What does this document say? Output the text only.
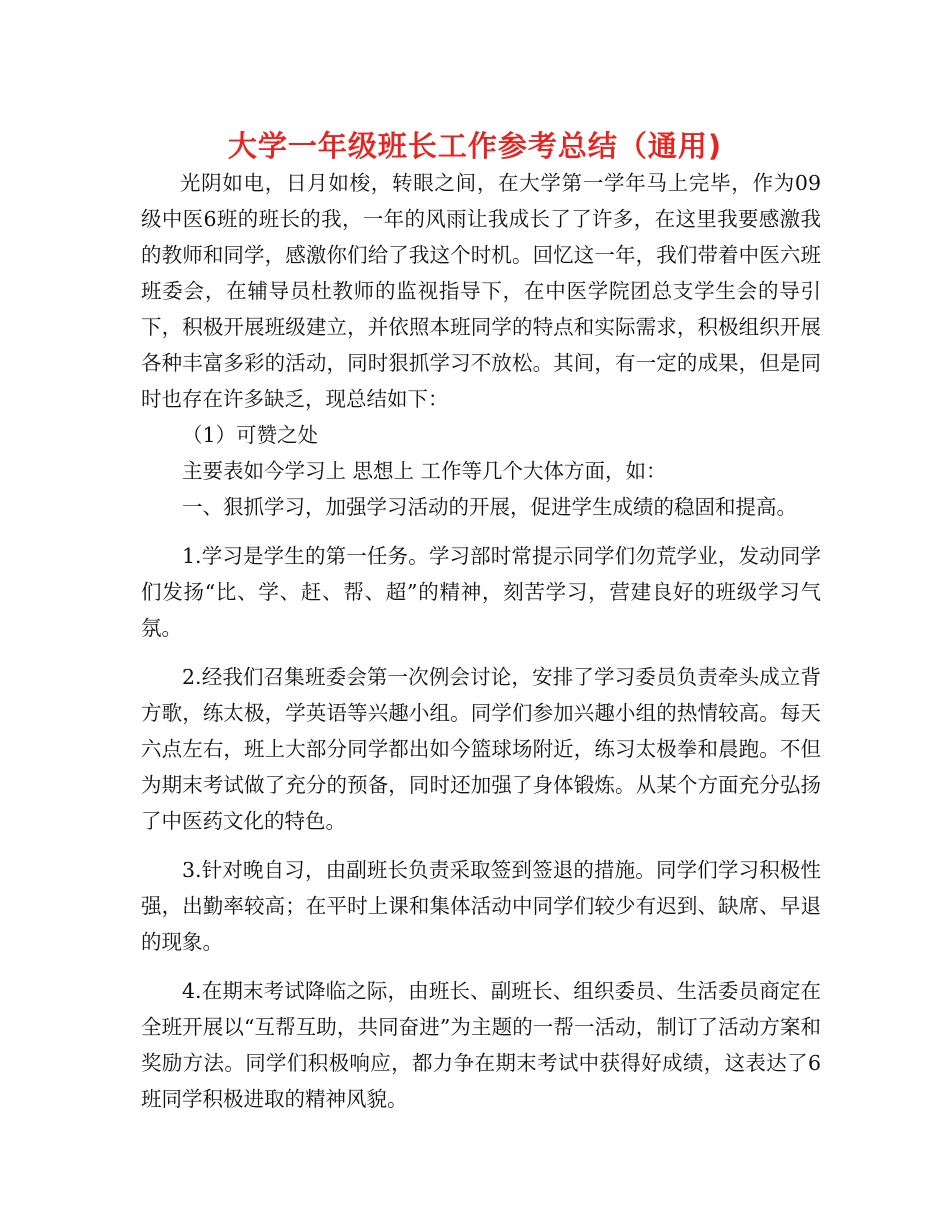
大学一年级班长工作参考总结（通用)

光阴如电，日月如梭，转眼之间，在大学第一学年马上完毕，作为09级中医6班的班长的我，一年的风雨让我成长了了许多，在这里我要感激我的教师和同学，感激你们给了我这个时机。回忆这一年，我们带着中医六班班委会，在辅导员杜教师的监视指导下，在中医学院团总支学生会的导引下，积极开展班级建立，并依照本班同学的特点和实际需求，积极组织开展各种丰富多彩的活动，同时狠抓学习不放松。其间，有一定的成果，但是同时也存在许多缺乏，现总结如下：

（1）可赞之处

主要表如今学习上 思想上 工作等几个大体方面，如：

一、狠抓学习，加强学习活动的开展，促进学生成绩的稳固和提高。

1.学习是学生的第一任务。学习部时常提示同学们勿荒学业，发动同学们发扬“比、学、赶、帮、超”的精神，刻苦学习，营建良好的班级学习气氛。

2.经我们召集班委会第一次例会讨论，安排了学习委员负责牵头成立背方歌，练太极，学英语等兴趣小组。同学们参加兴趣小组的热情较高。每天六点左右，班上大部分同学都出如今篮球场附近，练习太极拳和晨跑。不但为期末考试做了充分的预备，同时还加强了身体锻炼。从某个方面充分弘扬了中医药文化的特色。

3.针对晚自习，由副班长负责采取签到签退的措施。同学们学习积极性强，出勤率较高；在平时上课和集体活动中同学们较少有迟到、缺席、早退的现象。

4.在期末考试降临之际，由班长、副班长、组织委员、生活委员商定在全班开展以“互帮互助，共同奋进”为主题的一帮一活动，制订了活动方案和奖励方法。同学们积极响应，都力争在期末考试中获得好成绩，这表达了6班同学积极进取的精神风貌。
